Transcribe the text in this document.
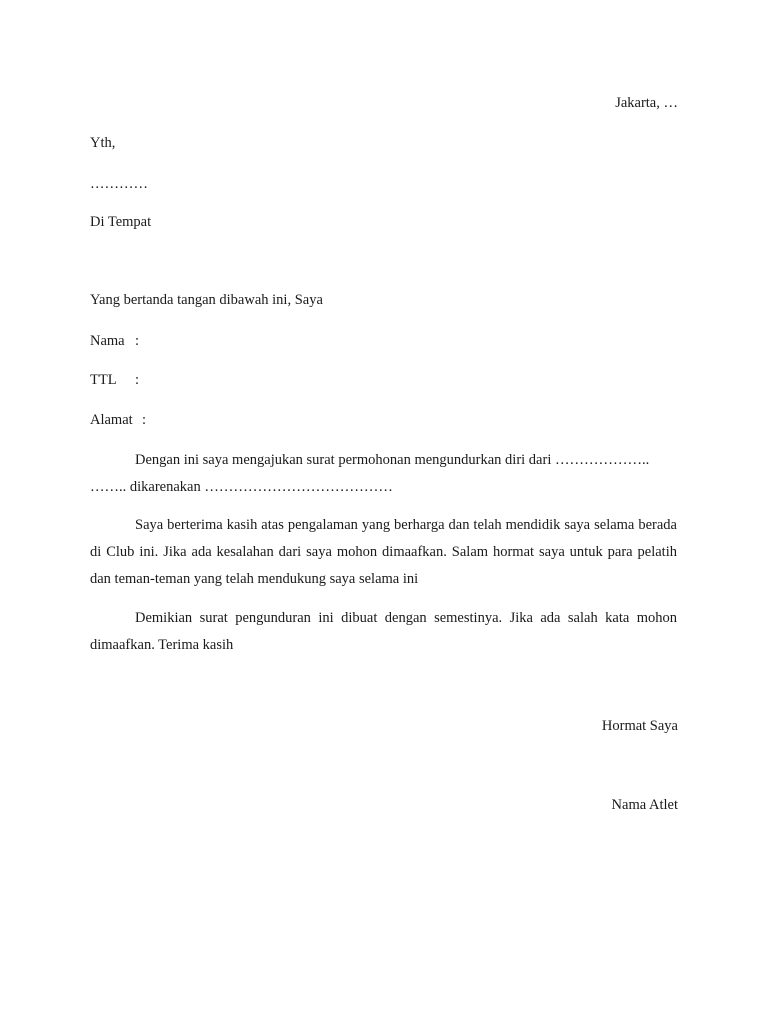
Jakarta, …
Yth,
…………
Di Tempat
Yang bertanda tangan dibawah ini, Saya
Nama :
TTL :
Alamat :
Dengan ini saya mengajukan surat permohonan mengundurkan diri dari ………………..
…….. dikarenakan …………………………………
Saya berterima kasih atas pengalaman yang berharga dan telah mendidik saya selama berada di Club ini. Jika ada kesalahan dari saya mohon dimaafkan. Salam hormat saya untuk para pelatih dan teman-teman yang telah mendukung saya selama ini
Demikian surat pengunduran ini dibuat dengan semestinya. Jika ada salah kata mohon dimaafkan. Terima kasih
Hormat Saya
Nama Atlet
